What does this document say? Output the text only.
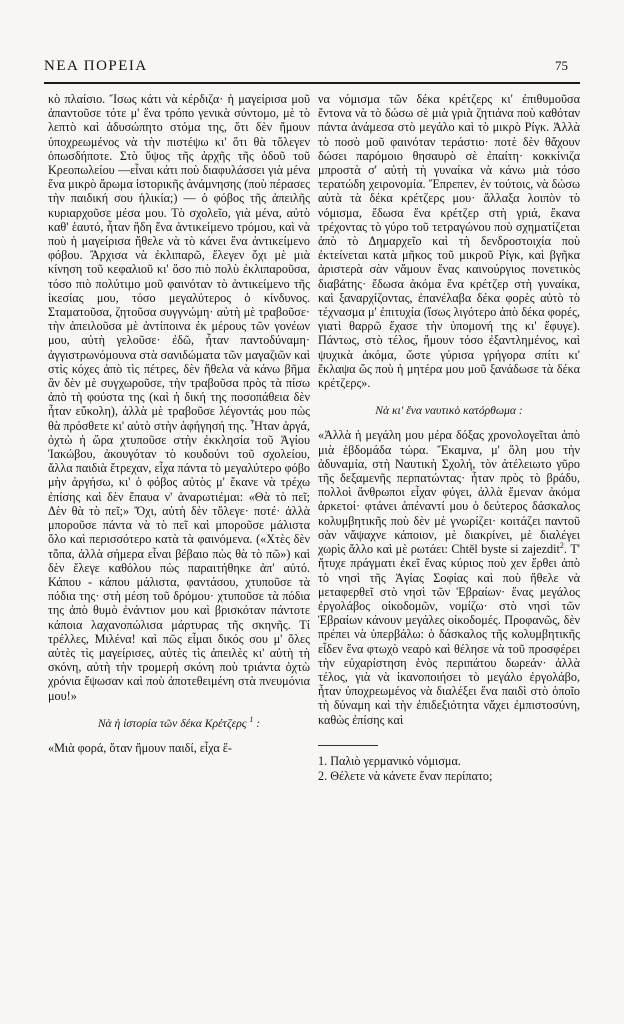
ΝΕΑ ΠΟΡΕΙΑ	75

κὸ πλαίσιο. Ἴσως κάτι νὰ κέρδιζα· ἡ μαγείρισα μοῦ ἀπαντοῦσε τότε μ' ἕνα τρόπο γενικὰ σύντομο, μὲ τὸ λεπτὸ καὶ ἀδυσώπητο στόμα της, ὅτι δὲν ἤμουν ὑποχρεωμένος νὰ τὴν πιστέψω κι' ὅτι θὰ τὄλεγεν ὁπωσδήποτε. Στὸ ὕψος τῆς ἀρχῆς τῆς ὁδοῦ τοῦ Κρεοπωλείου —εἶναι κάτι ποὺ διαφυλάσσει γιὰ μένα ἕνα μικρὸ ἄρωμα ἱστορικῆς ἀνάμνησης (ποὺ πέρασες τὴν παιδική σου ἡλικία;) — ὁ φόβος τῆς ἀπειλῆς κυριαρχοῦσε μέσα μου. Τὸ σχολεῖο, γιὰ μένα, αὐτὸ καθ' ἑαυτό, ἦταν ἤδη ἕνα ἀντικείμενο τρόμου, καὶ νὰ ποὺ ἡ μαγείρισα ἤθελε νὰ τὸ κάνει ἕνα ἀντικείμενο φόβου. Ἄρχισα νὰ ἐκλιπαρῶ, ἔλεγεν ὄχι μὲ μιὰ κίνηση τοῦ κεφαλιοῦ κι' ὅσο πιὸ πολὺ ἐκλιπαροῦσα, τόσο πιὸ πολύτιμο μοῦ φαινόταν τὸ ἀντικείμενο τῆς ἱκεσίας μου, τόσο μεγαλύτερος ὁ κίνδυνος. Σταματοῦσα, ζητοῦσα συγγνώμη· αὐτὴ μὲ τραβοῦσε· τὴν ἀπειλοῦσα μὲ ἀντίποινα ἐκ μέρους τῶν γονέων μου, αὐτὴ γελοῦσε· ἐδῶ, ἦταν παντοδύναμη· ἀγγιστρωνόμουνα στὰ σανιδώματα τῶν μαγαζιῶν καὶ στὶς κόχες ἀπὸ τὶς πέτρες, δὲν ἤθελα νὰ κάνω βῆμα ἂν δὲν μὲ συγχωροῦσε, τὴν τραβοῦσα πρὸς τὰ πίσω ἀπὸ τὴ φούστα της (καὶ ἡ δική της ποσοπάθεια δὲν ἦταν εὔκολη), ἀλλὰ μὲ τραβοῦσε λέγοντάς μου πὼς θὰ πρόσθετε κι' αὐτὸ στὴν ἀφήγησή της. Ἦταν ἀργά, ὀχτὼ ἡ ὥρα χτυποῦσε στὴν ἐκκλησία τοῦ Ἁγίου Ἰακώβου, ἀκουγόταν τὸ κουδούνι τοῦ σχολείου, ἄλλα παιδιὰ ἔτρεχαν, εἶχα πάντα τὸ μεγαλύτερο φόβο μὴν ἀργήσω, κι' ὁ φόβος αὐτὸς μ' ἔκανε νὰ τρέχω ἐπίσης καὶ δὲν ἔπαυα ν' ἀναρωτιέμαι: «Θὰ τὸ πεῖ; Δὲν θὰ τὸ πεῖ;» Ὄχι, αὐτὴ δὲν τὄλεγε· ποτέ· ἀλλὰ μποροῦσε πάντα νὰ τὸ πεῖ καὶ μποροῦσε μάλιστα ὅλο καὶ περισσότερο κατὰ τὰ φαινόμενα. («Χτὲς δὲν τὄπα, ἀλλὰ σήμερα εἶναι βέβαιο πὼς θὰ τὸ πῶ») καὶ δὲν ἔλεγε καθόλου πὼς παραιτήθηκε ἀπ' αὐτό. Κάπου - κάπου μάλιστα, φαντάσου, χτυποῦσε τὰ πόδια της· στὴ μέση τοῦ δρόμου· χτυποῦσε τὰ πόδια της ἀπὸ θυμὸ ἐνάντιον μου καὶ βρισκόταν πάντοτε κάποια λαχανοπώλισα μάρτυρας τῆς σκηνῆς. Τί τρέλλες, Μιλένα! καὶ πῶς εἶμαι δικός σου μ' ὅλες αὐτὲς τὶς μαγείρισες, αὐτὲς τὶς ἀπειλὲς κι' αὐτὴ τὴ σκόνη, αὐτὴ τὴν τρομερὴ σκόνη ποὺ τριάντα ὀχτὼ χρόνια ἔψωσαν καὶ ποὺ ἀποτεθειμένη στὰ πνευμόνια μου!»

Νὰ ἡ ἱστορία τῶν δέκα Κρέτζερς $^1$ :

«Μιὰ φορά, ὅταν ἤμουν παιδί, εἶχα ἕ-

να νόμισμα τῶν δέκα κρέτζερς κι' ἐπιθυμοῦσα ἔντονα νὰ τὸ δώσω σὲ μιὰ γριὰ ζητιάνα ποὺ καθόταν πάντα ἀνάμεσα στὸ μεγάλο καὶ τὸ μικρὸ Ρίγκ. Ἀλλὰ τὸ ποσὸ μοῦ φαινόταν τεράστιο· ποτὲ δὲν θἄχουν δώσει παρόμοιο θησαυρὸ σὲ ἐπαίτη· κοκκίνιζα μπροστὰ σ' αὐτὴ τὴ γυναίκα νὰ κάνω μιὰ τόσο τερατώδη χειρονομία. Ἔπρεπεν, ἐν τούτοις, νὰ δώσω αὐτὰ τὰ δέκα κρέτζερς μου· ἄλλαξα λοιπὸν τὸ νόμισμα, ἔδωσα ἕνα κρέτζερ στὴ γριά, ἔκανα τρέχοντας τὸ γύρο τοῦ τετραγώνου ποὺ σχηματίζεται ἀπὸ τὸ Δημαρχεῖο καὶ τὴ δενδροστοιχία ποὺ ἐκτείνεται κατὰ μῆκος τοῦ μικροῦ Ρίγκ, καὶ βγῆκα ἀριστερὰ σὰν νἄμουν ἕνας καινούργιος πονετικὸς διαβάτης· ἔδωσα ἀκόμα ἕνα κρέτζερ στὴ γυναίκα, καὶ ξαναρχίζοντας, ἐπανέλαβα δέκα φορὲς αὐτὸ τὸ τέχνασμα μ' ἐπιτυχία (ἴσως λιγότερο ἀπὸ δέκα φορές, γιατὶ θαρρῶ ἔχασε τὴν ὑπομονή της κι' ἔφυγε). Πάντως, στὸ τέλος, ἤμουν τόσο ἐξαντλημένος, καὶ ψυχικὰ ἀκόμα, ὥστε γύρισα γρήγορα σπίτι κι' ἔκλαψα ὥς ποὺ ἡ μητέρα μου μοῦ ξανάδωσε τὰ δέκα κρέτζερς».

Νὰ κι' ἕνα ναυτικὸ κατόρθωμα :

«Ἀλλὰ ἡ μεγάλη μου μέρα δόξας χρονολογεῖται ἀπὸ μιὰ ἑβδομάδα τώρα. Ἔκαμνα, μ' ὅλη μου τὴν ἀδυναμία, στὴ Ναυτικὴ Σχολή, τὸν ἀτέλειωτο γῦρο τῆς δεξαμενῆς περπατώντας· ἦταν πρὸς τὸ βράδυ, πολλοὶ ἄνθρωποι εἶχαν φύγει, ἀλλὰ ἔμεναν ἀκόμα ἀρκετοί· φτάνει ἀπέναντί μου ὁ δεύτερος δάσκαλος κολυμβητικῆς ποὺ δὲν μὲ γνωρίζει· κοιτάζει παντοῦ σὰν νἄψαχνε κάποιον, μὲ διακρίνει, μὲ διαλέγει χωρὶς ἄλλο καὶ μὲ ρωτάει: Chtěl byste si zajezdit$^2$. Τ' ἤτυχε πράγματι ἐκεῖ ἕνας κύριος ποὺ χεν ἔρθει ἀπὸ τὸ νησὶ τῆς Ἁγίας Σοφίας καὶ ποὺ ἤθελε νὰ μεταφερθεῖ στὸ νησὶ τῶν Ἑβραίων· ἕνας μεγάλος ἐργολάβος οἰκοδομῶν, νομίζω· στὸ νησὶ τῶν Ἑβραίων κάνουν μεγάλες οἰκοδομές. Προφανῶς, δὲν πρέπει νὰ ὑπερβάλω: ὁ δάσκαλος τῆς κολυμβητικῆς εἶδεν ἕνα φτωχὸ νεαρὸ καὶ θέλησε νὰ τοῦ προσφέρει τὴν εὐχαρίστηση ἑνὸς περιπάτου δωρεάν· ἀλλὰ τέλος, γιὰ νὰ ἱκανοποιήσει τὸ μεγάλο ἐργολάβο, ἦταν ὑποχρεωμένος νὰ διαλέξει ἕνα παιδὶ στὸ ὁποῖο τὴ δύναμη καὶ τὴν ἐπιδεξιότητα νἄχει ἐμπιστοσύνη, καθὼς ἐπίσης καὶ

1. Παλιὸ γερμανικὸ νόμισμα.
2. Θέλετε νὰ κάνετε ἕναν περίπατο;
